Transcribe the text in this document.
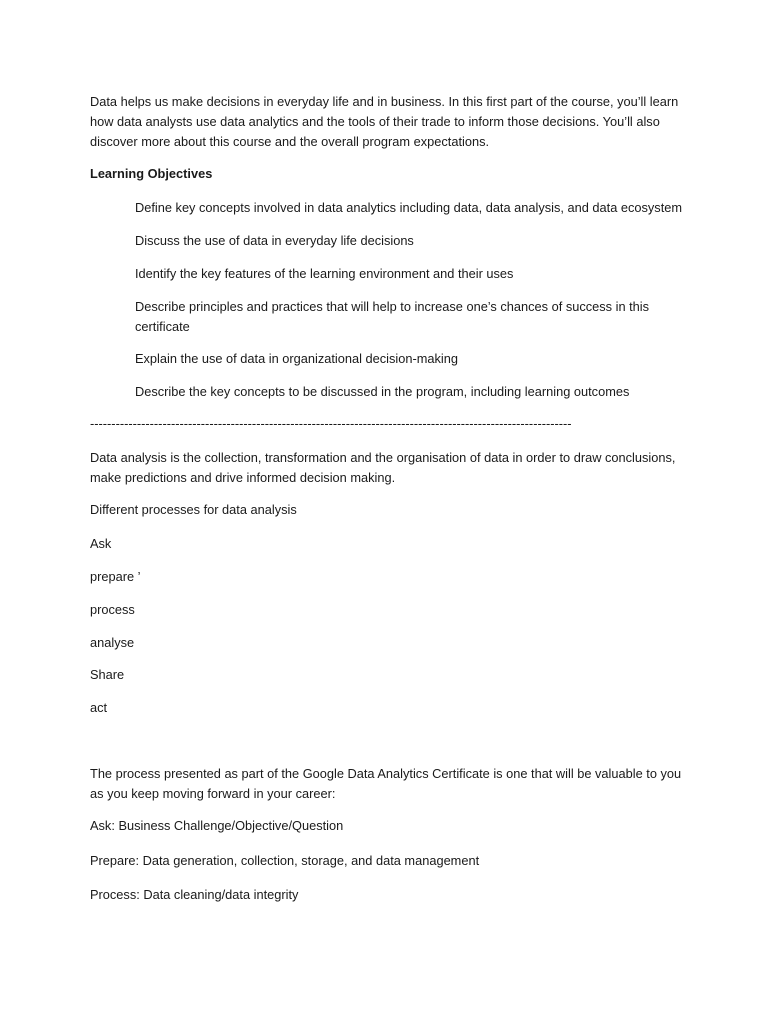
Data helps us make decisions in everyday life and in business. In this first part of the course, you’ll learn how data analysts use data analytics and the tools of their trade to inform those decisions. You’ll also discover more about this course and the overall program expectations.

Learning Objectives

Define key concepts involved in data analytics including data, data analysis, and data ecosystem

Discuss the use of data in everyday life decisions

Identify the key features of the learning environment and their uses

Describe principles and practices that will help to increase one’s chances of success in this certificate

Explain the use of data in organizational decision-making

Describe the key concepts to be discussed in the program, including learning outcomes

-----------------------------------------------------------------------------------------------------------------

Data analysis is the collection, transformation and the organisation of data in order to draw conclusions, make predictions and drive informed decision making.

Different processes for data analysis

Ask

prepare ’

process

analyse

Share

act

The process presented as part of the Google Data Analytics Certificate is one that will be valuable to you as you keep moving forward in your career:

Ask: Business Challenge/Objective/Question

Prepare: Data generation, collection, storage, and data management

Process: Data cleaning/data integrity
